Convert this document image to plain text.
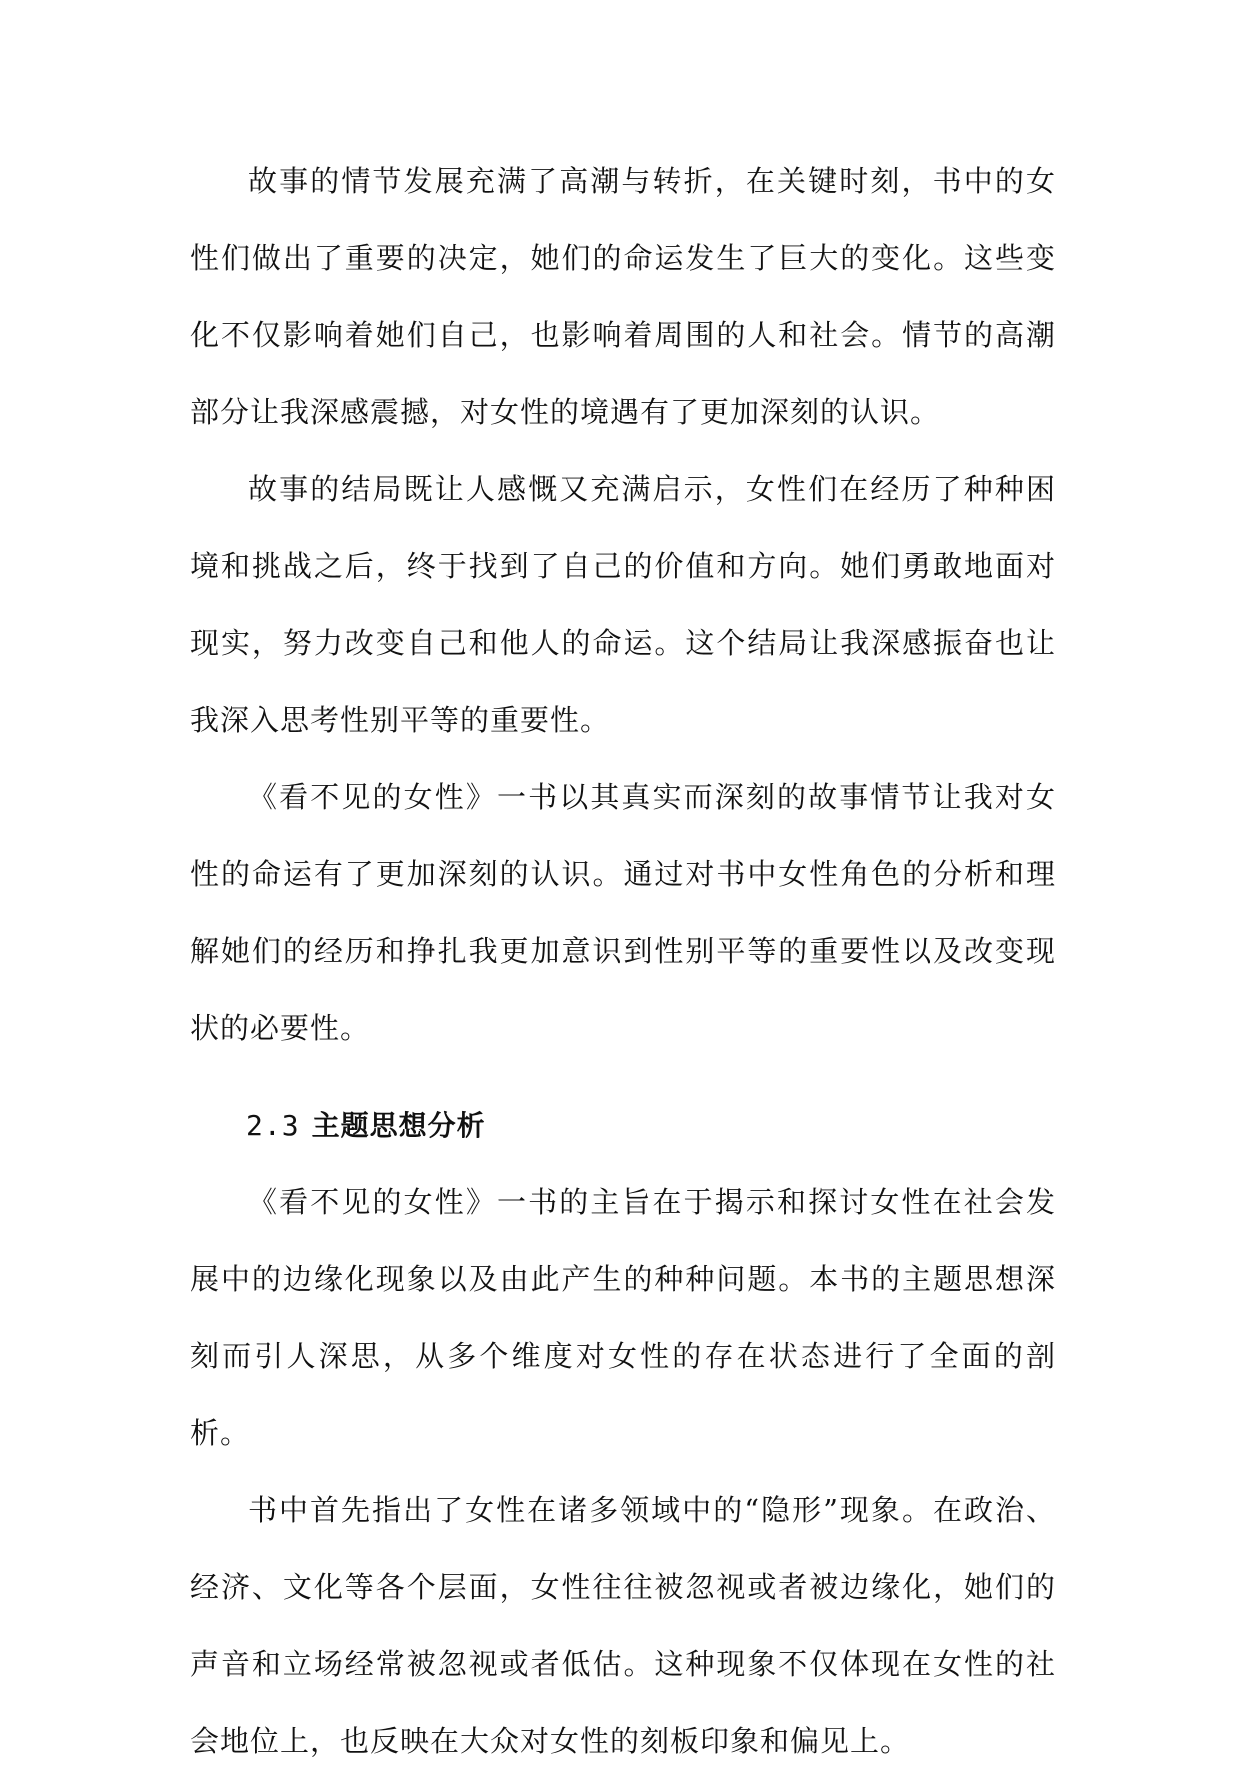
故事的情节发展充满了高潮与转折，在关键时刻，书中的女性们做出了重要的决定，她们的命运发生了巨大的变化。这些变化不仅影响着她们自己，也影响着周围的人和社会。情节的高潮部分让我深感震撼，对女性的境遇有了更加深刻的认识。

故事的结局既让人感慨又充满启示，女性们在经历了种种困境和挑战之后，终于找到了自己的价值和方向。她们勇敢地面对现实，努力改变自己和他人的命运。这个结局让我深感振奋也让我深入思考性别平等的重要性。

《看不见的女性》一书以其真实而深刻的故事情节让我对女性的命运有了更加深刻的认识。通过对书中女性角色的分析和理解她们的经历和挣扎我更加意识到性别平等的重要性以及改变现状的必要性。

2.3 主题思想分析

《看不见的女性》一书的主旨在于揭示和探讨女性在社会发展中的边缘化现象以及由此产生的种种问题。本书的主题思想深刻而引人深思，从多个维度对女性的存在状态进行了全面的剖析。

书中首先指出了女性在诸多领域中的“隐形”现象。在政治、经济、文化等各个层面，女性往往被忽视或者被边缘化，她们的声音和立场经常被忽视或者低估。这种现象不仅体现在女性的社会地位上，也反映在大众对女性的刻板印象和偏见上。
